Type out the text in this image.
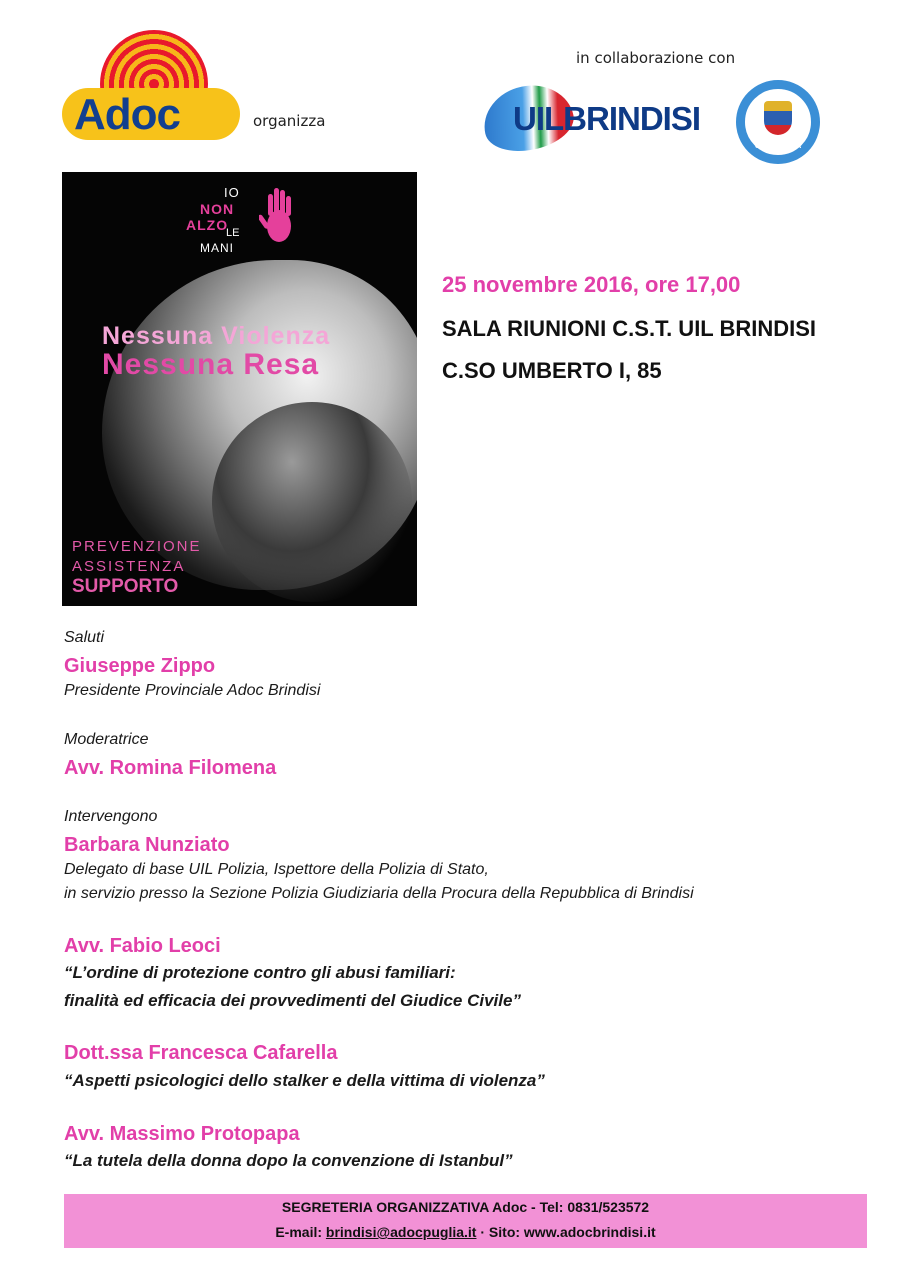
Adoc	organizza
in collaborazione con
UILBRINDISI
UIL POLIZIA
IO
NON
ALZO
LE
MANI
Nessuna Violenza
Nessuna Resa
PREVENZIONE
ASSISTENZA
SUPPORTO
25 novembre 2016, ore 17,00
SALA RIUNIONI C.S.T. UIL BRINDISI
C.SO UMBERTO I, 85
Saluti
Giuseppe Zippo
Presidente Provinciale Adoc Brindisi
Moderatrice
Avv. Romina Filomena
Intervengono
Barbara Nunziato
Delegato di base UIL Polizia, Ispettore della Polizia di Stato,
in servizio presso la Sezione Polizia Giudiziaria della Procura della Repubblica di Brindisi
Avv. Fabio Leoci
“L’ordine di protezione contro gli abusi familiari:
finalità ed efficacia dei provvedimenti del Giudice Civile”
Dott.ssa Francesca Cafarella
“Aspetti psicologici dello stalker e della vittima di violenza”
Avv. Massimo Protopapa
“La tutela della donna dopo la convenzione di Istanbul”
SEGRETERIA ORGANIZZATIVA Adoc - Tel: 0831/523572
E-mail: brindisi@adocpuglia.it · Sito: www.adocbrindisi.it
